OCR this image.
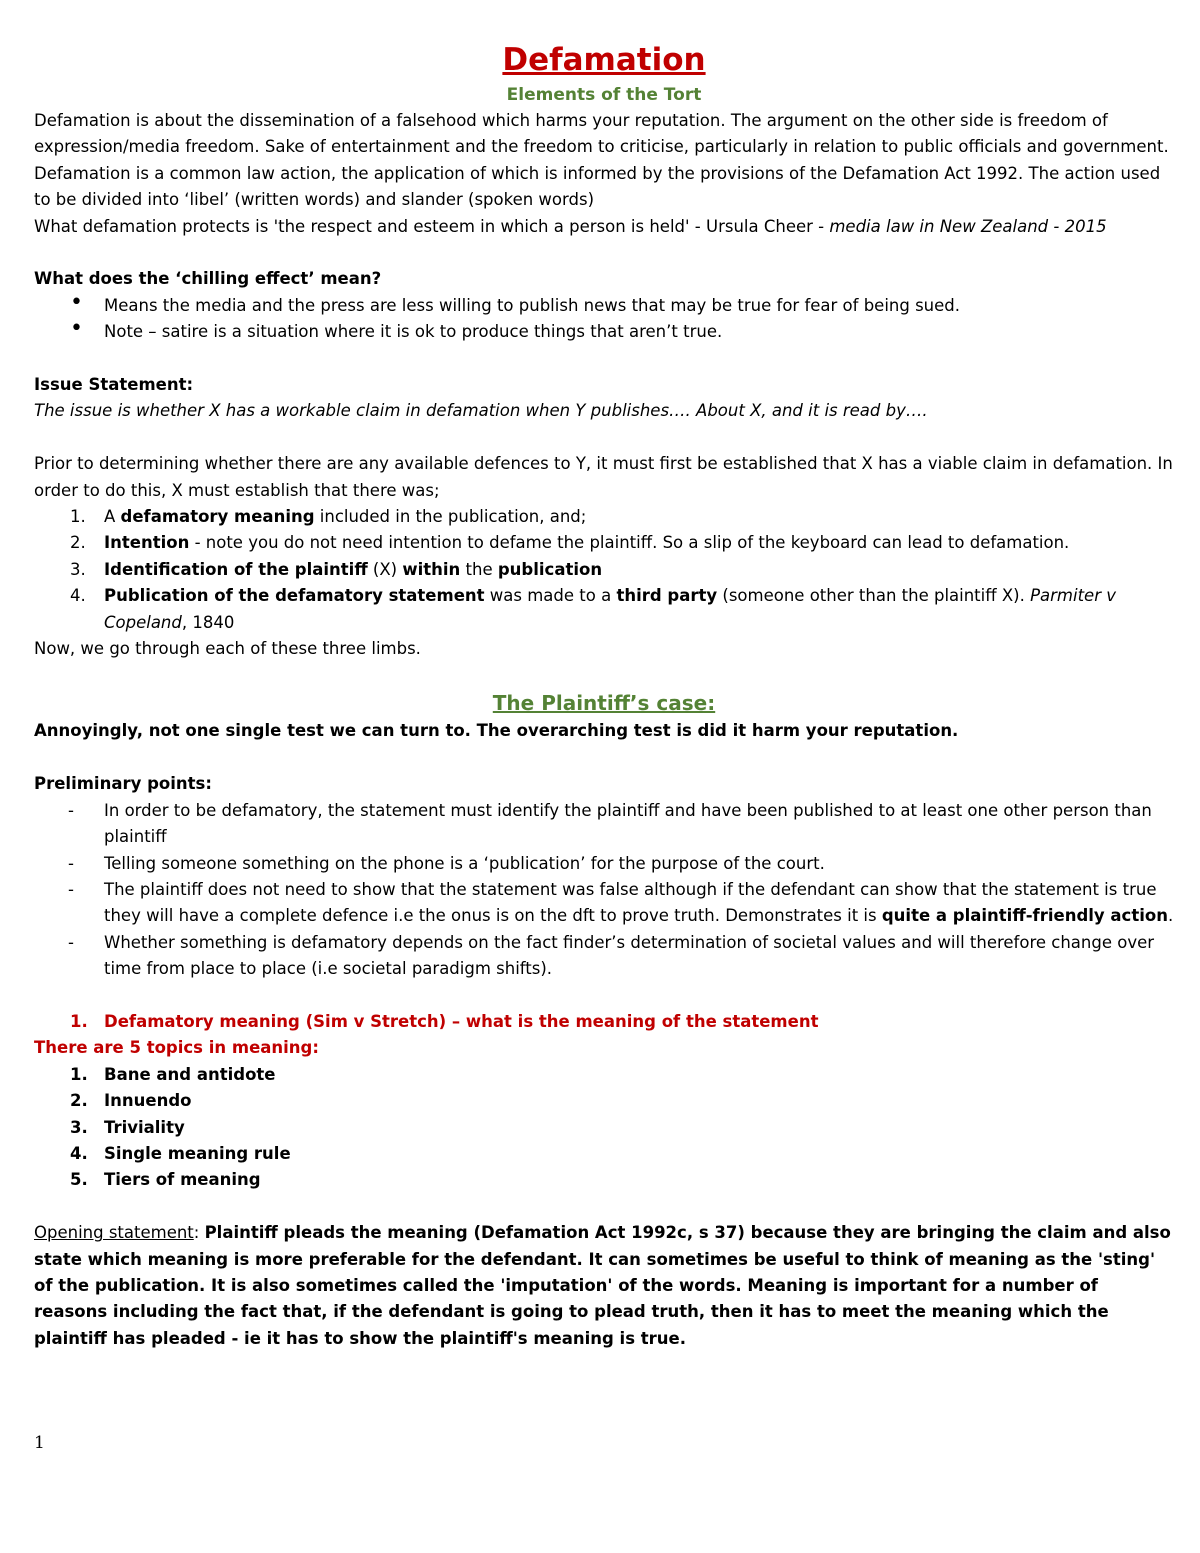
Defamation

Elements of the Tort

Defamation is about the dissemination of a falsehood which harms your reputation. The argument on the other side is freedom of expression/media freedom. Sake of entertainment and the freedom to criticise, particularly in relation to public officials and government.

Defamation is a common law action, the application of which is informed by the provisions of the Defamation Act 1992. The action used to be divided into ‘libel’ (written words) and slander (spoken words)

What defamation protects is 'the respect and esteem in which a person is held' - Ursula Cheer - media law in New Zealand - 2015

What does the ‘chilling effect’ mean?
• Means the media and the press are less willing to publish news that may be true for fear of being sued.
• Note – satire is a situation where it is ok to produce things that aren’t true.
Issue Statement:

The issue is whether X has a workable claim in defamation when Y publishes…. About X, and it is read by….

Prior to determining whether there are any available defences to Y, it must first be established that X has a viable claim in defamation. In order to do this, X must establish that there was;

1. A defamatory meaning included in the publication, and;
2. Intention - note you do not need intention to defame the plaintiff. So a slip of the keyboard can lead to defamation.
3. Identification of the plaintiff (X) within the publication
4. Publication of the defamatory statement was made to a third party (someone other than the plaintiff X). Parmiter v Copeland, 1840

Now, we go through each of these three limbs.

The Plaintiff’s case:

Annoyingly, not one single test we can turn to. The overarching test is did it harm your reputation.

Preliminary points:
- In order to be defamatory, the statement must identify the plaintiff and have been published to at least one other person than plaintiff
- Telling someone something on the phone is a ‘publication’ for the purpose of the court.
- The plaintiff does not need to show that the statement was false although if the defendant can show that the statement is true they will have a complete defence i.e the onus is on the dft to prove truth. Demonstrates it is quite a plaintiff-friendly action.
- Whether something is defamatory depends on the fact finder’s determination of societal values and will therefore change over time from place to place (i.e societal paradigm shifts).
1. Defamatory meaning (Sim v Stretch) – what is the meaning of the statement

There are 5 topics in meaning:

1. Bane and antidote
2. Innuendo
3. Triviality
4. Single meaning rule
5. Tiers of meaning

Opening statement: Plaintiff pleads the meaning (Defamation Act 1992c, s 37) because they are bringing the claim and also state which meaning is more preferable for the defendant. It can sometimes be useful to think of meaning as the 'sting' of the publication. It is also sometimes called the 'imputation' of the words. Meaning is important for a number of reasons including the fact that, if the defendant is going to plead truth, then it has to meet the meaning which the plaintiff has pleaded - ie it has to show the plaintiff's meaning is true.

1
